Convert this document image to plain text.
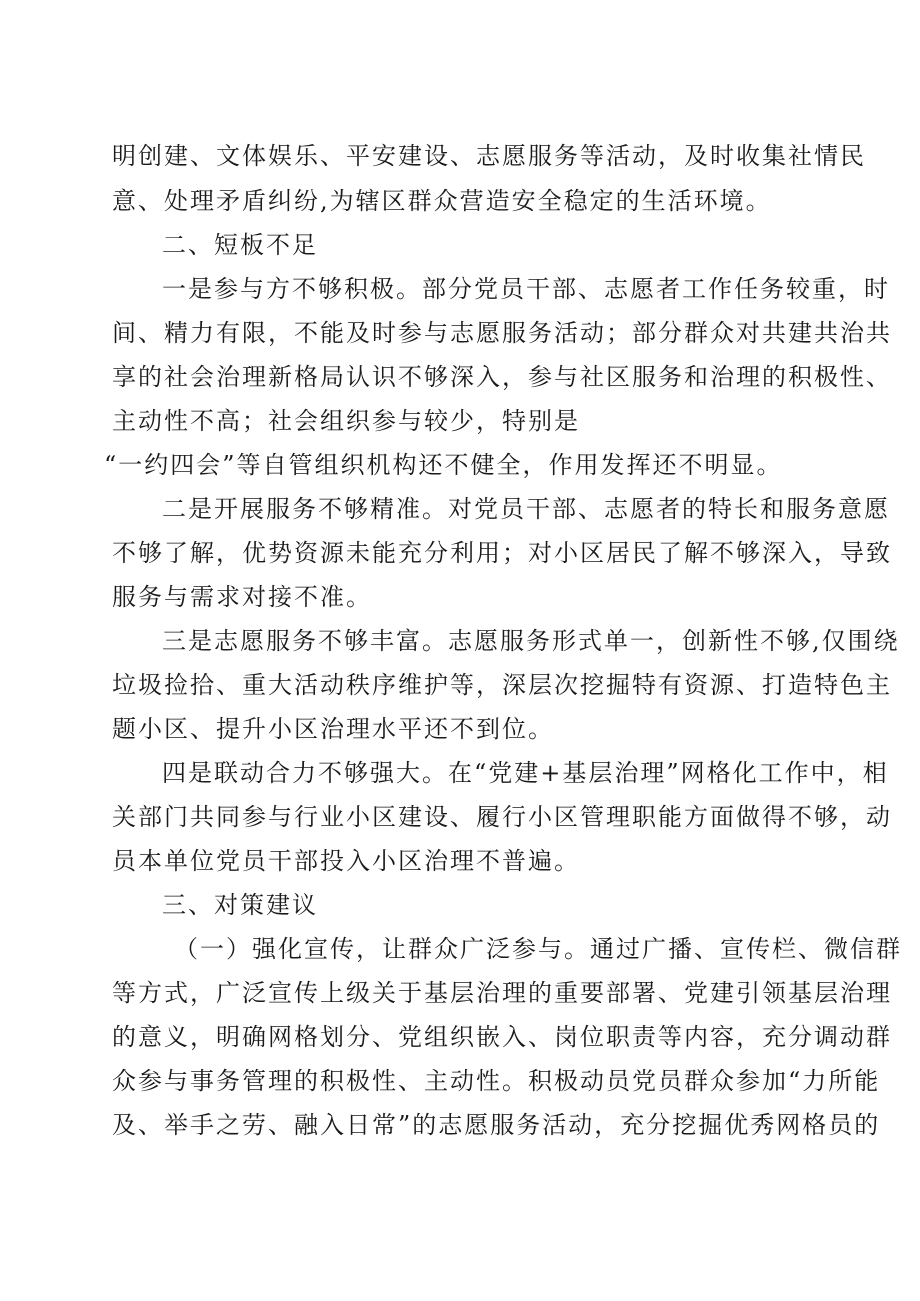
明创建、文体娱乐、平安建设、志愿服务等活动，及时收集社情民
意、处理矛盾纠纷,为辖区群众营造安全稳定的生活环境。
二、短板不足
一是参与方不够积极。部分党员干部、志愿者工作任务较重，时
间、精力有限，不能及时参与志愿服务活动；部分群众对共建共治共
享的社会治理新格局认识不够深入，参与社区服务和治理的积极性、
主动性不高；社会组织参与较少，特别是
“一约四会”等自管组织机构还不健全，作用发挥还不明显。
二是开展服务不够精准。对党员干部、志愿者的特长和服务意愿
不够了解，优势资源未能充分利用；对小区居民了解不够深入，导致
服务与需求对接不准。
三是志愿服务不够丰富。志愿服务形式单一，创新性不够,仅围绕
垃圾捡拾、重大活动秩序维护等，深层次挖掘特有资源、打造特色主
题小区、提升小区治理水平还不到位。
四是联动合力不够强大。在“党建+基层治理”网格化工作中，相
关部门共同参与行业小区建设、履行小区管理职能方面做得不够，动
员本单位党员干部投入小区治理不普遍。
三、对策建议
（一）强化宣传，让群众广泛参与。通过广播、宣传栏、微信群
等方式，广泛宣传上级关于基层治理的重要部署、党建引领基层治理
的意义，明确网格划分、党组织嵌入、岗位职责等内容，充分调动群
众参与事务管理的积极性、主动性。积极动员党员群众参加“力所能
及、举手之劳、融入日常”的志愿服务活动，充分挖掘优秀网格员的
